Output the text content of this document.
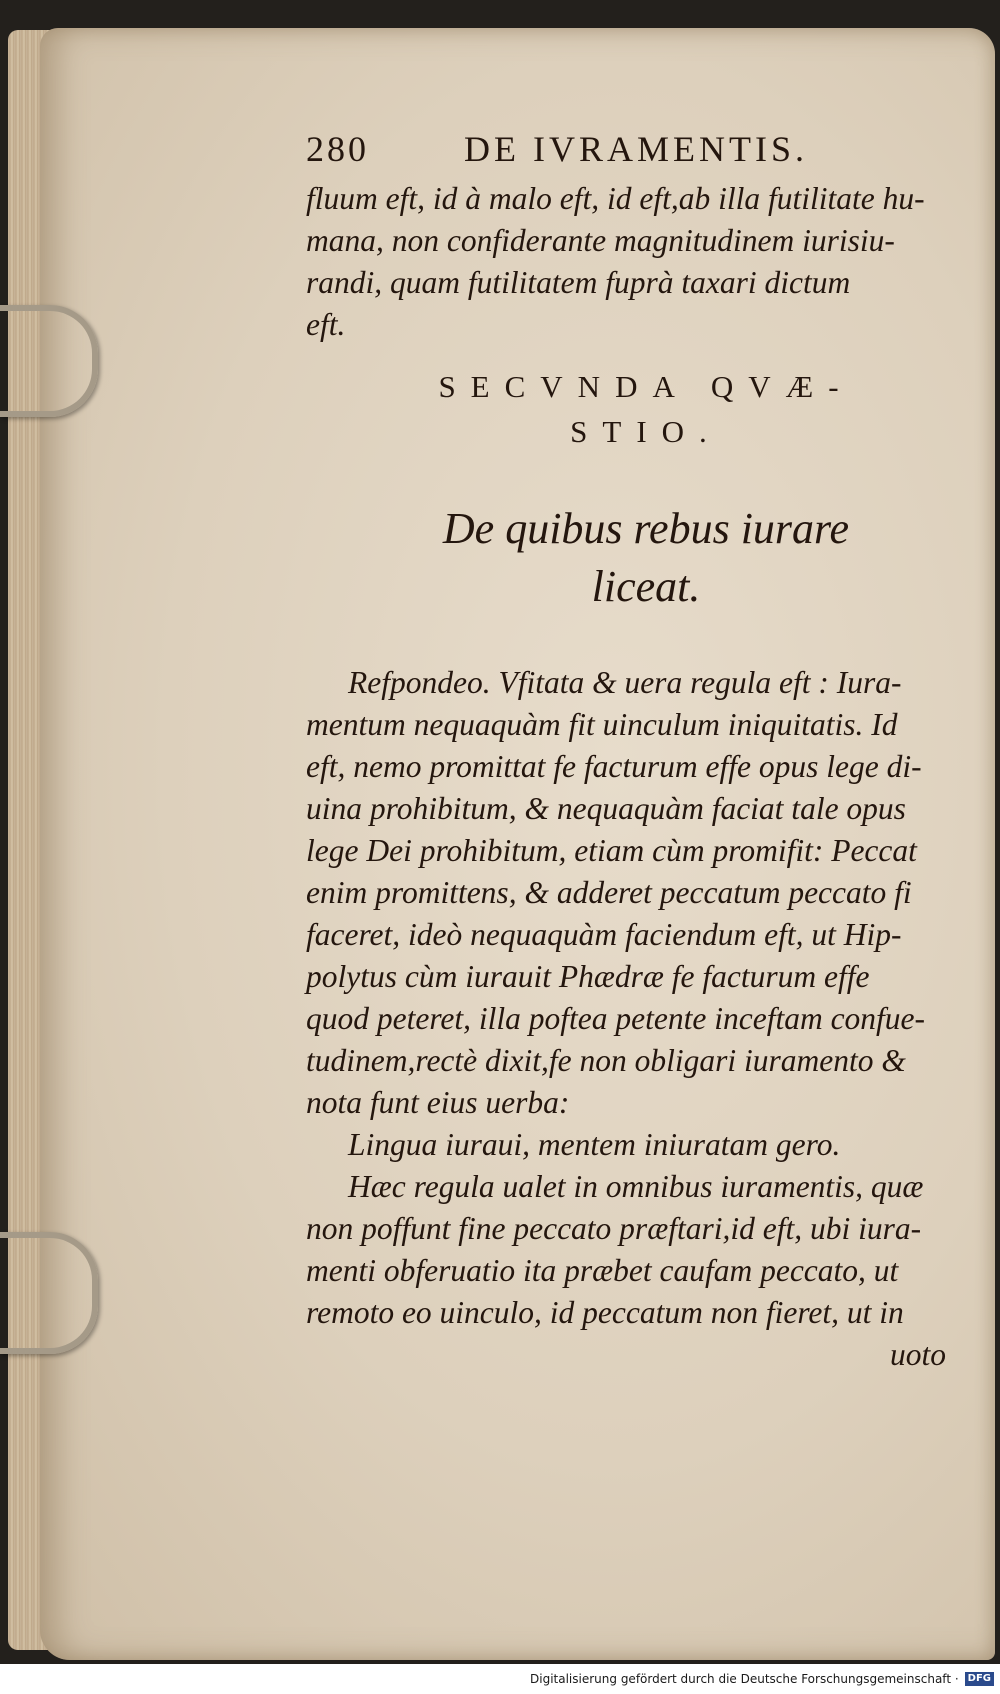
280	DE IVRAMENTIS.

fluum eft, id à malo eft, id eft,ab illa futilitate hu-
mana, non confiderante magnitudinem iurisiu-
randi, quam futilitatem fuprà taxari dictum
eft.

SECVNDA QVÆ-
STIO.
De quibus rebus iurare
liceat.

Refpondeo. Vfitata & uera regula eft : Iura-
mentum nequaquàm fit uinculum iniquitatis. Id
eft, nemo promittat fe facturum effe opus lege di-
uina prohibitum, & nequaquàm faciat tale opus
lege Dei prohibitum, etiam cùm promifit: Peccat
enim promittens, & adderet peccatum peccato fi
faceret, ideò nequaquàm faciendum eft, ut Hip-
polytus cùm iurauit Phædræ fe facturum effe
quod peteret, illa poftea petente inceftam confue-
tudinem,rectè dixit,fe non obligari iuramento &
nota funt eius uerba:

Lingua iuraui, mentem iniuratam gero.

Hæc regula ualet in omnibus iuramentis, quæ
non poffunt fine peccato præftari,id eft, ubi iura-
menti obferuatio ita præbet caufam peccato, ut
remoto eo uinculo, id peccatum non fieret, ut in
uoto

Digitalisierung gefördert durch die Deutsche Forschungsgemeinschaft · DFG
